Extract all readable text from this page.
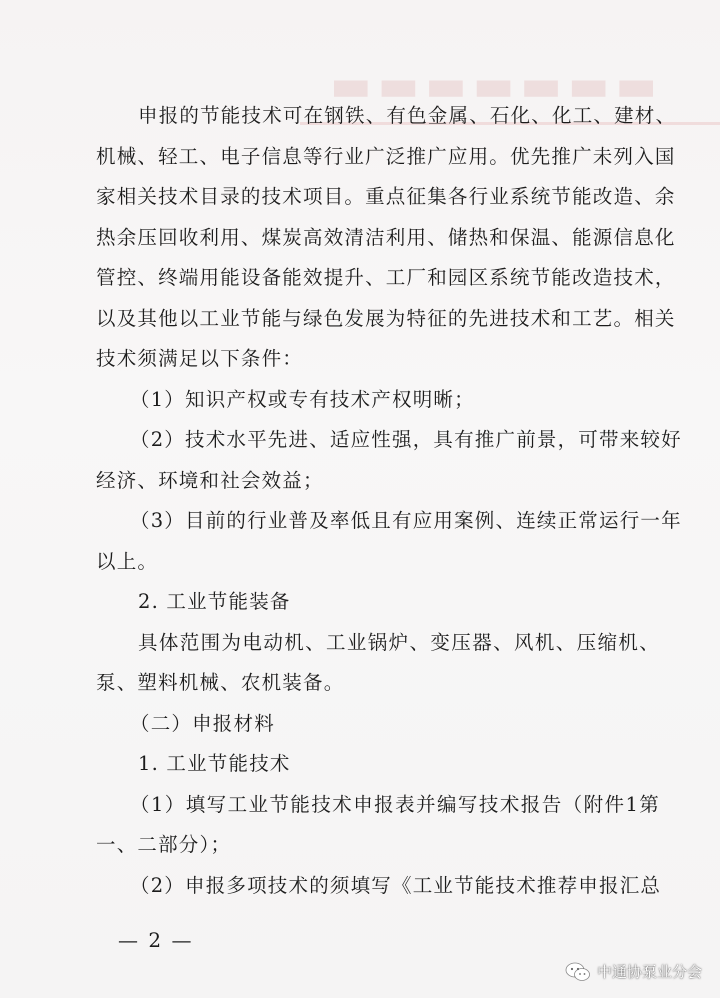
▬▬▬▬▬▬▬
申报的节能技术可在钢铁、有色金属、石化、化工、建材、
机械、轻工、电子信息等行业广泛推广应用。优先推广未列入国
家相关技术目录的技术项目。重点征集各行业系统节能改造、余
热余压回收利用、煤炭高效清洁利用、储热和保温、能源信息化
管控、终端用能设备能效提升、工厂和园区系统节能改造技术，
以及其他以工业节能与绿色发展为特征的先进技术和工艺。相关
技术须满足以下条件：
（1）知识产权或专有技术产权明晰；
（2）技术水平先进、适应性强，具有推广前景，可带来较好
经济、环境和社会效益；
（3）目前的行业普及率低且有应用案例、连续正常运行一年
以上。
2. 工业节能装备
具体范围为电动机、工业锅炉、变压器、风机、压缩机、
泵、塑料机械、农机装备。
— 2 —
中通协泵业分会
（二）申报材料
1. 工业节能技术
（1）填写工业节能技术申报表并编写技术报告（附件1第
一、二部分）；
（2）申报多项技术的须填写《工业节能技术推荐申报汇总
